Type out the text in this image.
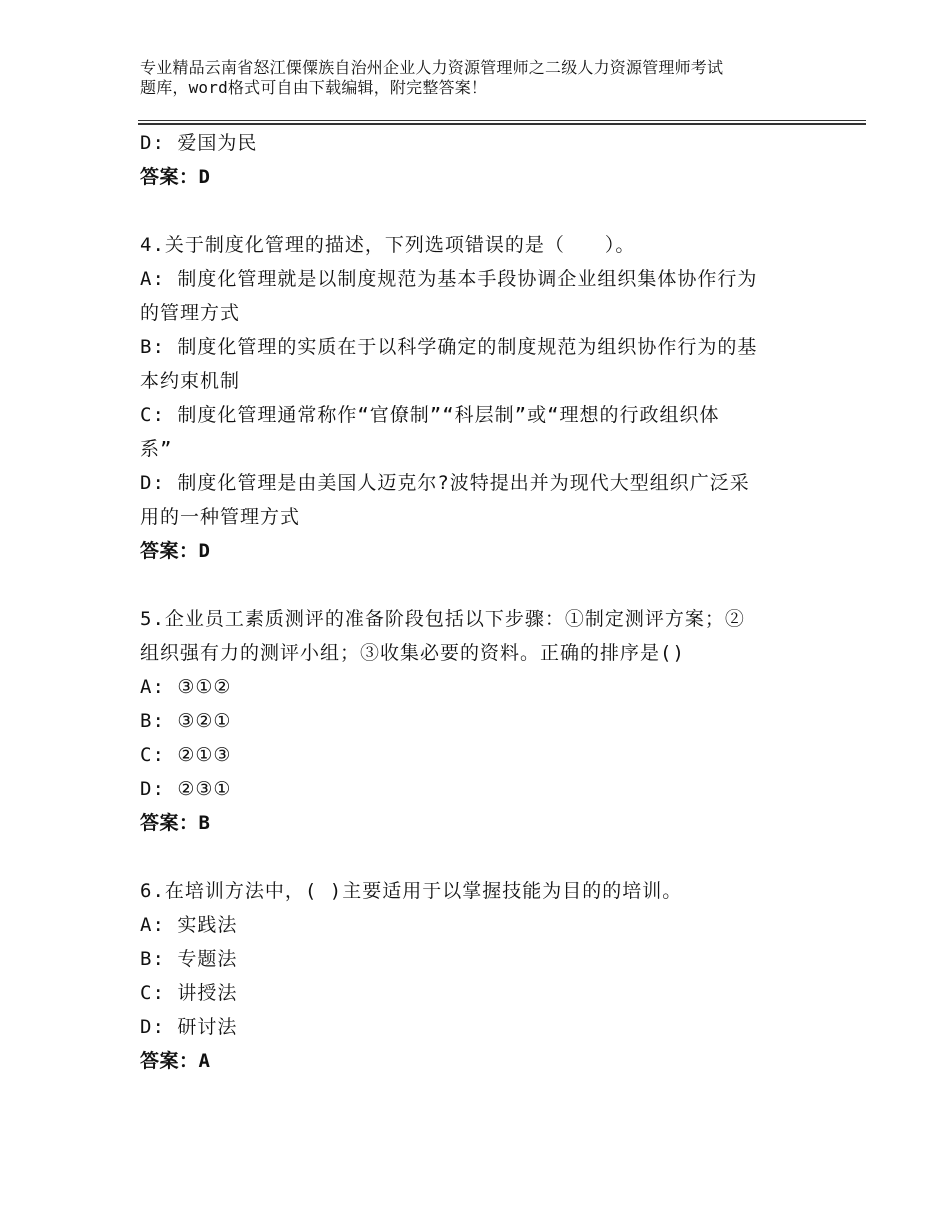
专业精品云南省怒江傈僳族自治州企业人力资源管理师之二级人力资源管理师考试
题库，word格式可自由下载编辑，附完整答案！
D: 爱国为民
答案：D
4.关于制度化管理的描述，下列选项错误的是（　　）。
A: 制度化管理就是以制度规范为基本手段协调企业组织集体协作行为
的管理方式
B: 制度化管理的实质在于以科学确定的制度规范为组织协作行为的基
本约束机制
C: 制度化管理通常称作“官僚制”“科层制”或“理想的行政组织体
系”
D: 制度化管理是由美国人迈克尔?波特提出并为现代大型组织广泛采
用的一种管理方式
答案：D
5.企业员工素质测评的准备阶段包括以下步骤：①制定测评方案；②
组织强有力的测评小组；③收集必要的资料。正确的排序是()
A: ③①②
B: ③②①
C: ②①③
D: ②③①
答案：B
6.在培训方法中，( )主要适用于以掌握技能为目的的培训。
A: 实践法
B: 专题法
C: 讲授法
D: 研讨法
答案：A
